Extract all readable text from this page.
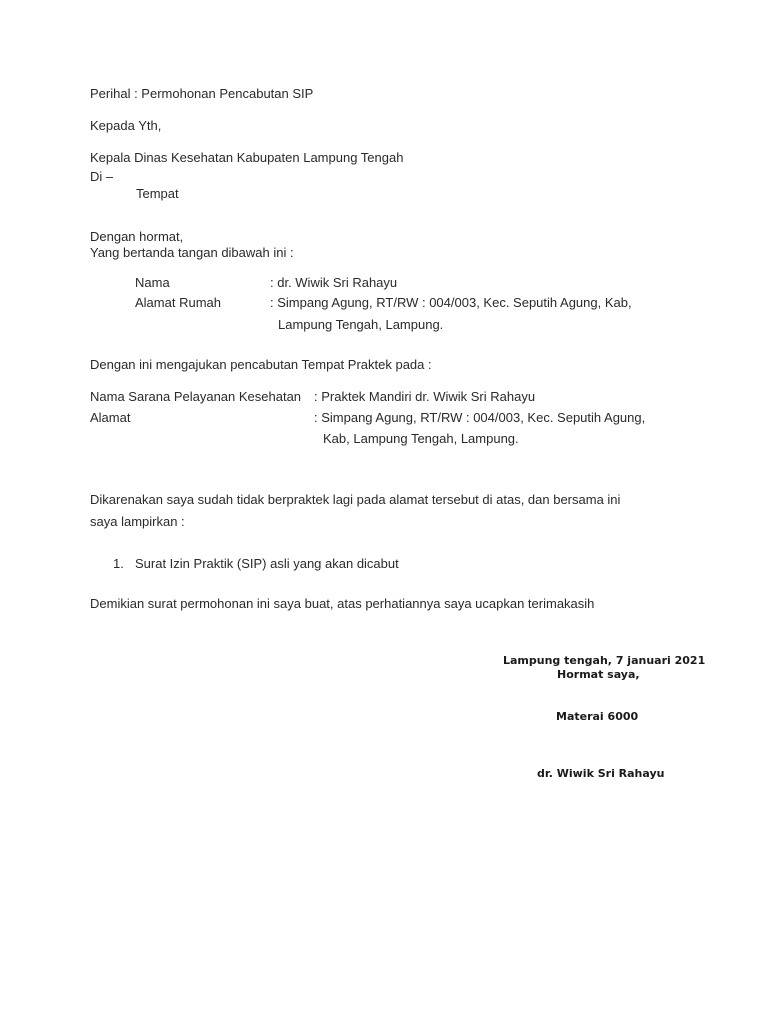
Perihal : Permohonan Pencabutan SIP
Kepada Yth,
Kepala Dinas Kesehatan Kabupaten Lampung Tengah
Di –
Tempat
Dengan hormat,
Yang bertanda tangan dibawah ini :
Nama	: dr. Wiwik Sri Rahayu
Alamat Rumah	: Simpang Agung, RT/RW : 004/003, Kec. Seputih Agung, Kab,
Lampung Tengah, Lampung.
Dengan ini mengajukan pencabutan Tempat Praktek pada :
Nama Sarana Pelayanan Kesehatan : Praktek Mandiri dr. Wiwik Sri Rahayu
Alamat	: Simpang Agung, RT/RW : 004/003, Kec. Seputih Agung,
Kab, Lampung Tengah, Lampung.
Dikarenakan saya sudah tidak berpraktek lagi pada alamat tersebut di atas, dan bersama ini
saya lampirkan :
1. Surat Izin Praktik (SIP) asli yang akan dicabut
Demikian surat permohonan ini saya buat, atas perhatiannya saya ucapkan terimakasih
Lampung tengah, 7 januari 2021
Hormat saya,
Materai 6000
dr. Wiwik Sri Rahayu
